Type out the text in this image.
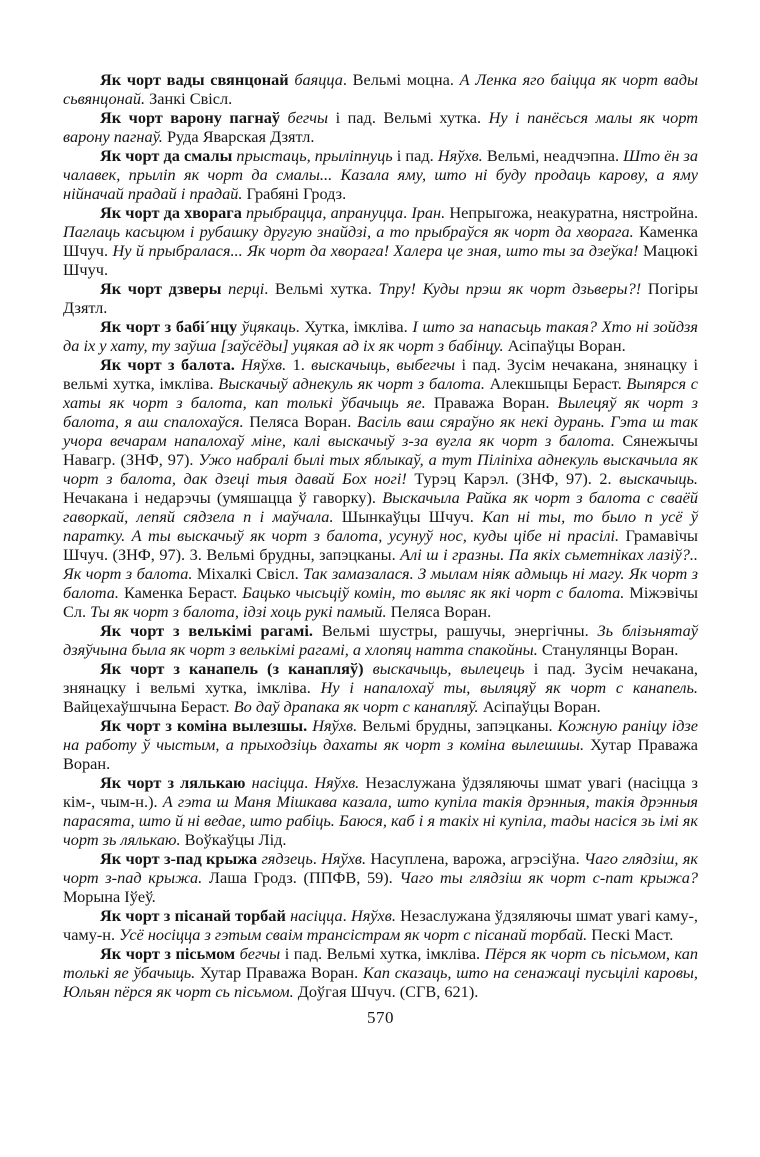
Як чорт вады свянцонай баяцца. Вельмі моцна. А Ленка яго баіцца як чорт вады сьвянцонай. Занкі Свісл.

Як чорт варону пагнаў бегчы і пад. Вельмі хутка. Ну і панёсься малы як чорт варону пагнаў. Руда Яварская Дзятл.

Як чорт да смалы прыстаць, прыліпнуць і пад. Няўхв. Вельмі, неадчэпна. Што ён за чалавек, прыліп як чорт да смалы... Казала яму, што ні буду продаць карову, а яму нійначай прадай і прадай. Грабяні Гродз.

Як чорт да хворага прыбрацца, апрануцца. Іран. Непрыгожа, неакуратна, нястройна. Паглаць касьцюм і рубашку другую знайдзі, а то прыбраўся як чорт да хворага. Каменка Шчуч. Ну й прыбралася... Як чорт да хворага! Халера це зная, што ты за дзеўка! Мацюкі Шчуч.

Як чорт дзверы перці. Вельмі хутка. Тпру! Куды прэш як чорт дзьверы?! Погіры Дзятл.

Як чорт з бабі´нцу ўцякаць. Хутка, імкліва. І што за напасьць такая? Хто ні зойдзя да іх у хату, ту заўша [заўсёды] уцякая ад іх як чорт з бабінцу. Асіпаўцы Воран.

Як чорт з балота. Няўхв. 1. выскачыць, выбегчы і пад. Зусім нечакана, знянацку і вельмі хутка, імкліва. Выскачыў аднекуль як чорт з балота. Алекшыцы Бераст. Выпярся с хаты як чорт з балота, кап толькі ўбачыць яе. Праважа Воран. Вылецяў як чорт з балота, я аш спалохаўся. Пеляса Воран. Васіль ваш сяраўно як некі дурань. Гэта ш так учора вечарам напалохаў міне, калі выскачыў з-за вугла як чорт з балота. Сянежычы Навагр. (ЗНФ, 97). Ужо набралі былі тых яблыкаў, а тут Піліпіха аднекуль выскачыла як чорт з балота, дак дзеці тыя давай Бох ногі! Турэц Карэл. (ЗНФ, 97). 2. выскачыць. Нечакана і недарэчы (умяшацца ў гаворку). Выскачыла Райка як чорт з балота с сваёй гаворкай, лепяй сядзела п і маўчала. Шынкаўцы Шчуч. Кап ні ты, то было п усё ў паратку. А ты выскачыў як чорт з балота, усунуў нос, куды цібе ні прасілі. Грамавічы Шчуч. (ЗНФ, 97). 3. Вельмі брудны, запэцканы. Алі ш і гразны. Па якіх сьметніках лазіў?.. Як чорт з балота. Міхалкі Свісл. Так замазалася. З мылам ніяк адмыць ні магу. Як чорт з балота. Каменка Бераст. Бацько чысьціў комін, то выляс як які чорт с балота. Міжэвічы Сл. Ты як чорт з балота, ідзі хоць рукі памый. Пеляса Воран.

Як чорт з велькімі рагамі. Вельмі шустры, рашучы, энергічны. Зь блізьнятаў дзяўчына была як чорт з велькімі рагамі, а хлопяц натта спакойны. Станулянцы Воран.

Як чорт з канапель (з канапляў) выскачыць, вылецець і пад. Зусім нечакана, знянацку і вельмі хутка, імкліва. Ну і напалохаў ты, выляцяў як чорт с канапель. Вайцехаўшчына Бераст. Во даў драпака як чорт с канапляў. Асіпаўцы Воран.

Як чорт з коміна вылезшы. Няўхв. Вельмі брудны, запэцканы. Кожную раніцу ідзе на работу ў чыстым, а прыходзіць дахаты як чорт з коміна вылешшы. Хутар Праважа Воран.

Як чорт з лялькаю насіцца. Няўхв. Незаслужана ўдзяляючы шмат увагі (насіцца з кім-, чым-н.). А гэта ш Маня Мішкава казала, што купіла такія дрэнныя, такія дрэнныя парасята, што й ні ведае, што рабіць. Баюся, каб і я такіх ні купіла, тады насіся зь імі як чорт зь лялькаю. Воўкаўцы Лід.

Як чорт з-пад крыжа гядзець. Няўхв. Насуплена, варожа, агрэсіўна. Чаго глядзіш, як чорт з-пад крыжа. Лаша Гродз. (ППФВ, 59). Чаго ты глядзіш як чорт с-пат крыжа? Морына Іўеў.

Як чорт з пісанай торбай насіцца. Няўхв. Незаслужана ўдзяляючы шмат увагі каму-, чаму-н. Усё носіцца з гэтым сваім трансістрам як чорт с пісанай торбай. Пескі Маст.

Як чорт з пісьмом бегчы і пад. Вельмі хутка, імкліва. Пёрся як чорт сь пісьмом, кап толькі яе ўбачыць. Хутар Праважа Воран. Кап сказаць, што на сенажаці пусьцілі каровы, Юльян пёрся як чорт сь пісьмом. Доўгая Шчуч. (СГВ, 621).

570
